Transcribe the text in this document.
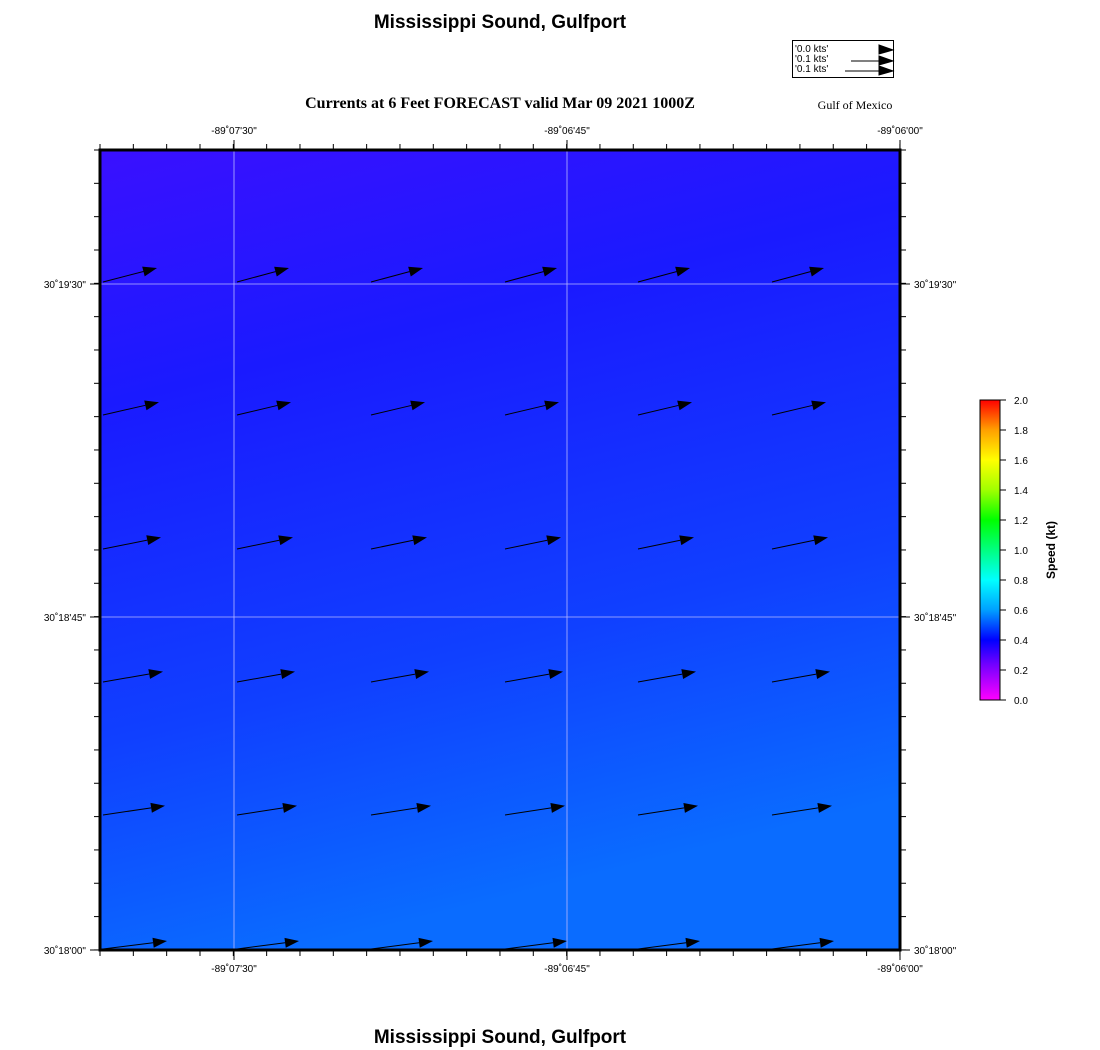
Mississippi Sound, Gulfport
Currents at 6 Feet FORECAST valid Mar 09 2021 1000Z	Gulf of Mexico
'0.0 kts'
'0.1 kts'
'0.1 kts'
-89˚07'30"	-89˚06'45"	-89˚06'00"
-89˚07'30"	-89˚06'45"	-89˚06'00"
30˚19'30"
30˚18'45"
30˚18'00"
30˚19'30"
30˚18'45"
30˚18'00"
2.0
1.8
1.6
1.4
1.2
1.0
0.8
0.6
0.4
0.2
0.0
Speed (kt)
Mississippi Sound, Gulfport
